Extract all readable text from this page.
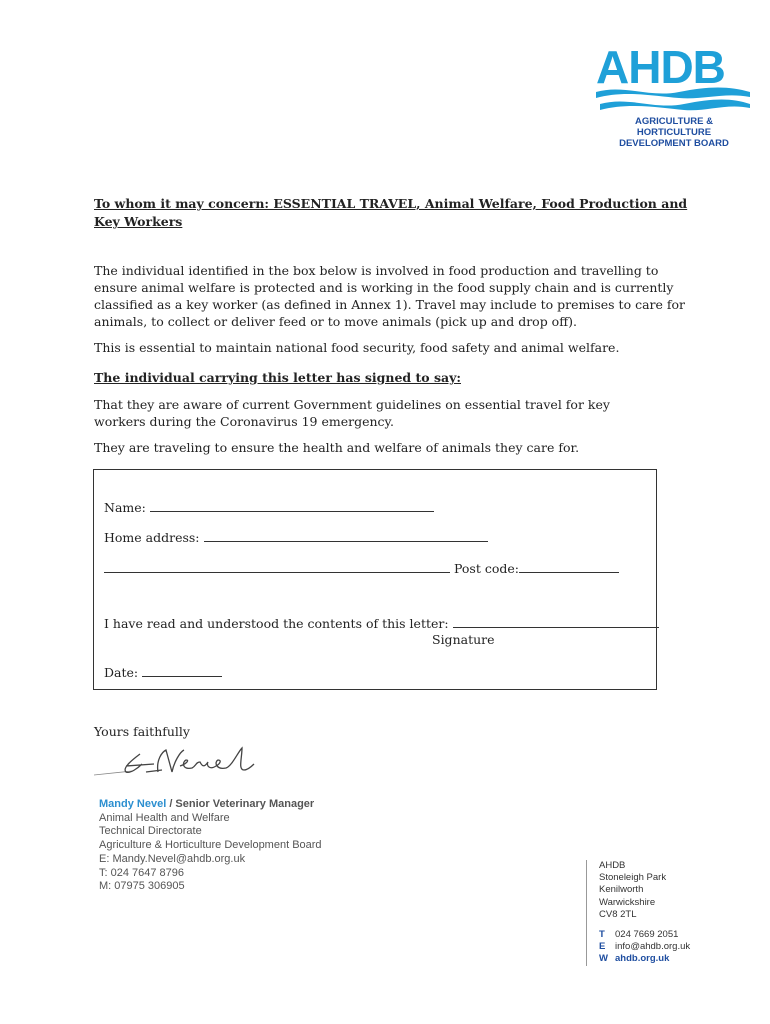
AHDB
AGRICULTURE & HORTICULTURE
DEVELOPMENT BOARD
To whom it may concern: ESSENTIAL TRAVEL, Animal Welfare, Food Production and Key Workers
The individual identified in the box below is involved in food production and travelling to ensure animal welfare is protected and is working in the food supply chain and is currently classified as a key worker (as defined in Annex 1). Travel may include to premises to care for animals, to collect or deliver feed or to move animals (pick up and drop off).
This is essential to maintain national food security, food safety and animal welfare.
The individual carrying this letter has signed to say:
That they are aware of current Government guidelines on essential travel for key workers during the Coronavirus 19 emergency.
They are traveling to ensure the health and welfare of animals they care for.
Name:
Home address:
Post code:
I have read and understood the contents of this letter:
Signature
Date:
Yours faithfully
Mandy Nevel / Senior Veterinary Manager
Animal Health and Welfare
Technical Directorate
Agriculture & Horticulture Development Board
E: Mandy.Nevel@ahdb.org.uk
T: 024 7647 8796
M: 07975 306905
AHDB
Stoneleigh Park
Kenilworth
Warwickshire
CV8 2TL
T 024 7669 2051
E info@ahdb.org.uk
W ahdb.org.uk
